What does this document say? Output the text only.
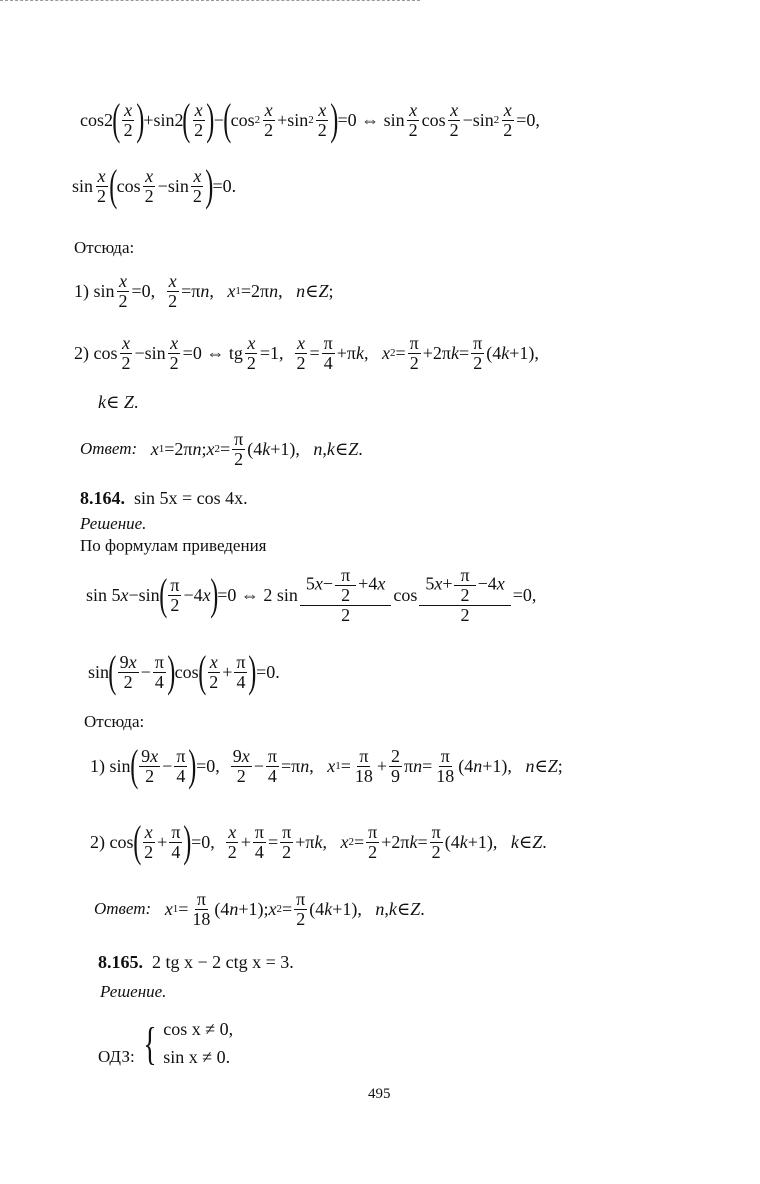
cos2 ( $\frac{x}{2}$ ) +sin2 ( $\frac{x}{2}$ ) − ( $\cos 2 \frac{x}{2} +\sin$ $2 \frac{x}{2}$ ) =0 ⇔ $\sin \frac{x}{2}$ $\cos \frac{x}{2} -\sin$ $2 \frac{x}{2} =0$,
$\sin \frac{x}{2}$ ( $\cos \frac{x}{2} -\sin \frac{x}{2}$ ) =0.
Отсюда:
1) $\sin \frac{x}{2} =0$, $\frac{x}{2} =\pi$ n , x 1 =2π n , n ∈ Z ;
2) $\cos \frac{x}{2} -\sin \frac{x}{2} =0$ ⇔ tg $\frac{x}{2} =1$, $\frac{x}{2} = \frac{\pi}{4} +\pi$ k , x $2 = \frac{\pi}{2} +2\pi$ $k = \frac{\pi}{2} (4$ k +1),
k∈ Z.
Ответ:
x 1 =2π n ; x $2 = \frac{\pi}{2} (4$ k +1), n , k ∈ Z .
8.164. sin 5x = cos 4x.
Решение.
По формулам приведения
sin 5 x −sin ( $\frac{\pi}{2} -4$ x ) =0 ⇔ 2 $\sin \frac{5x- \frac{\pi}{2} +4x}{2}$ $\cos \frac{5x+ \frac{\pi}{2} -4x}{2} =0$,
sin ( $\frac{9x}{2} - \frac{\pi}{4}$ ) cos ( $\frac{x}{2} + \frac{\pi}{4}$ ) =0.
Отсюда:
1) sin ( $\frac{9x}{2} - \frac{\pi}{4}$ ) =0, $\frac{9x}{2} - \frac{\pi}{4} =\pi$ n , x $1 = \frac{\pi}{18} + \frac{2}{9}$ π $n = \frac{\pi}{18} (4$ n +1), n ∈ Z ;
2) cos ( $\frac{x}{2} + \frac{\pi}{4}$ ) =0, $\frac{x}{2} + \frac{\pi}{4} = \frac{\pi}{2} +\pi$ k , x $2 = \frac{\pi}{2} +2\pi$ $k = \frac{\pi}{2} (4$ k +1), k ∈ Z .
Ответ:
x $1 = \frac{\pi}{18} (4$ n +1); x $2 = \frac{\pi}{2} (4$ k +1), n , k ∈ Z .
8.165. 2 tg x − 2 ctg x = 3.
Решение.
ОДЗ:
{ cos x ≠ 0,
sin x ≠ 0.
495
